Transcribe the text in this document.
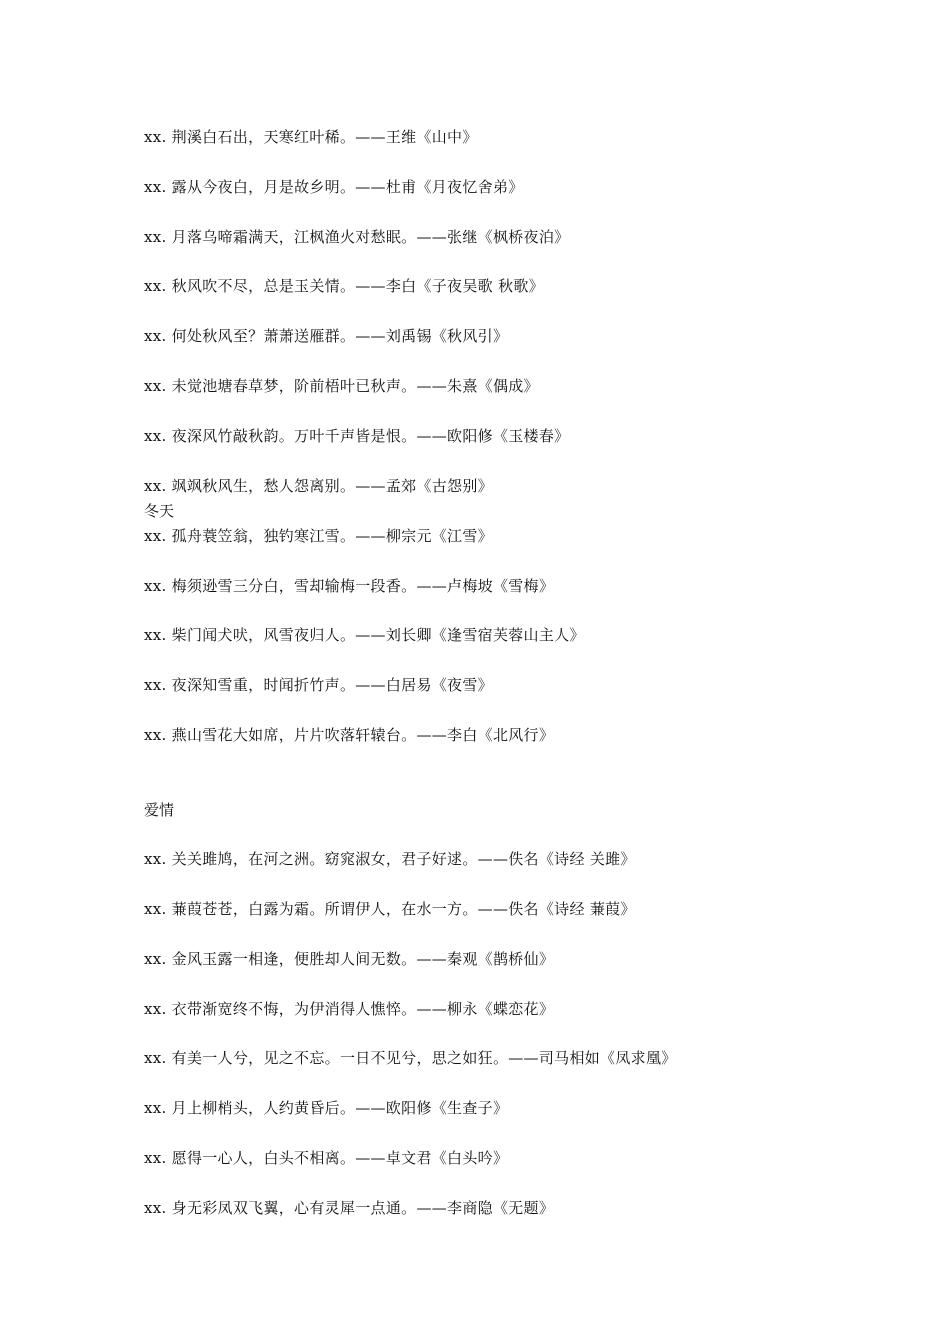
xx. 荆溪白石出，天寒红叶稀。——王维《山中》
xx. 露从今夜白，月是故乡明。——杜甫《月夜忆舍弟》
xx. 月落乌啼霜满天，江枫渔火对愁眠。——张继《枫桥夜泊》
xx. 秋风吹不尽，总是玉关情。——李白《子夜吴歌 秋歌》
xx. 何处秋风至？萧萧送雁群。——刘禹锡《秋风引》
xx. 未觉池塘春草梦，阶前梧叶已秋声。——朱熹《偶成》
xx. 夜深风竹敲秋韵。万叶千声皆是恨。——欧阳修《玉楼春》
xx. 飒飒秋风生，愁人怨离别。——孟郊《古怨别》
冬天
xx. 孤舟蓑笠翁，独钓寒江雪。——柳宗元《江雪》
xx. 梅须逊雪三分白，雪却输梅一段香。——卢梅坡《雪梅》
xx. 柴门闻犬吠，风雪夜归人。——刘长卿《逢雪宿芙蓉山主人》
xx. 夜深知雪重，时闻折竹声。——白居易《夜雪》
xx. 燕山雪花大如席，片片吹落轩辕台。——李白《北风行》
爱情
xx. 关关雎鸠，在河之洲。窈窕淑女，君子好逑。——佚名《诗经 关雎》
xx. 蒹葭苍苍，白露为霜。所谓伊人，在水一方。——佚名《诗经 蒹葭》
xx. 金风玉露一相逢，便胜却人间无数。——秦观《鹊桥仙》
xx. 衣带渐宽终不悔，为伊消得人憔悴。——柳永《蝶恋花》
xx. 有美一人兮，见之不忘。一日不见兮，思之如狂。——司马相如《凤求凰》
xx. 月上柳梢头，人约黄昏后。——欧阳修《生查子》
xx. 愿得一心人，白头不相离。——卓文君《白头吟》
xx. 身无彩凤双飞翼，心有灵犀一点通。——李商隐《无题》
